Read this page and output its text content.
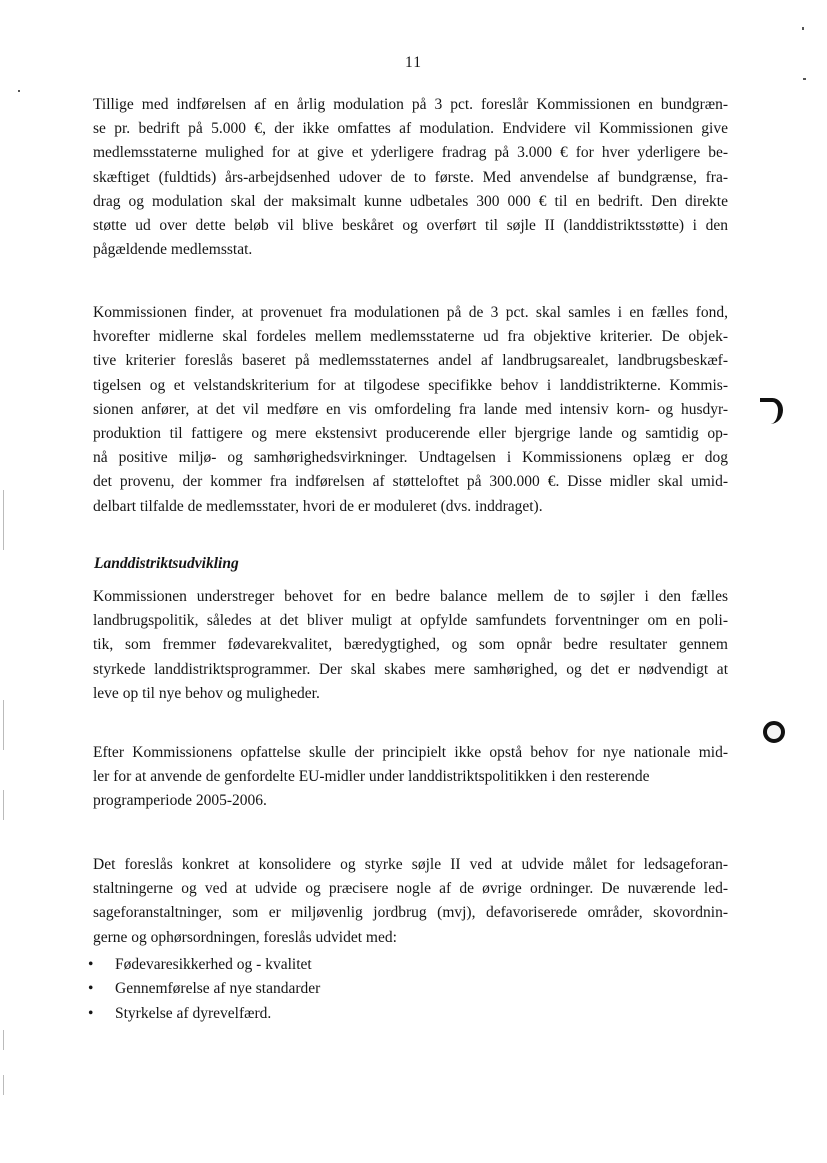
11
Tillige med indførelsen af en årlig modulation på 3 pct. foreslår Kommissionen en bundgræn-
se pr. bedrift på 5.000 €, der ikke omfattes af modulation. Endvidere vil Kommissionen give
medlemsstaterne mulighed for at give et yderligere fradrag på 3.000 € for hver yderligere be-
skæftiget (fuldtids) års-arbejdsenhed udover de to første. Med anvendelse af bundgrænse, fra-
drag og modulation skal der maksimalt kunne udbetales 300 000 € til en bedrift. Den direkte
støtte ud over dette beløb vil blive beskåret og overført til søjle II (landdistriktsstøtte) i den
pågældende medlemsstat.
Kommissionen finder, at provenuet fra modulationen på de 3 pct. skal samles i en fælles fond,
hvorefter midlerne skal fordeles mellem medlemsstaterne ud fra objektive kriterier. De objek-
tive kriterier foreslås baseret på medlemsstaternes andel af landbrugsarealet, landbrugsbeskæf-
tigelsen og et velstandskriterium for at tilgodese specifikke behov i landdistrikterne. Kommis-
sionen anfører, at det vil medføre en vis omfordeling fra lande med intensiv korn- og husdyr-
produktion til fattigere og mere ekstensivt producerende eller bjergrige lande og samtidig op-
nå positive miljø- og samhørighedsvirkninger. Undtagelsen i Kommissionens oplæg er dog
det provenu, der kommer fra indførelsen af støtteloftet på 300.000 €. Disse midler skal umid-
delbart tilfalde de medlemsstater, hvori de er moduleret (dvs. inddraget).
Landdistriktsudvikling
Kommissionen understreger behovet for en bedre balance mellem de to søjler i den fælles
landbrugspolitik, således at det bliver muligt at opfylde samfundets forventninger om en poli-
tik, som fremmer fødevarekvalitet, bæredygtighed, og som opnår bedre resultater gennem
styrkede landdistriktsprogrammer. Der skal skabes mere samhørighed, og det er nødvendigt at
leve op til nye behov og muligheder.
Efter Kommissionens opfattelse skulle der principielt ikke opstå behov for nye nationale mid-
ler for at anvende de genfordelte EU-midler under landdistriktspolitikken i den resterende
programperiode 2005-2006.
Det foreslås konkret at konsolidere og styrke søjle II ved at udvide målet for ledsageforan-
staltningerne og ved at udvide og præcisere nogle af de øvrige ordninger. De nuværende led-
sageforanstaltninger, som er miljøvenlig jordbrug (mvj), defavoriserede områder, skovordnin-
gerne og ophørsordningen, foreslås udvidet med:
• Fødevaresikkerhed og - kvalitet
• Gennemførelse af nye standarder
• Styrkelse af dyrevelfærd.
